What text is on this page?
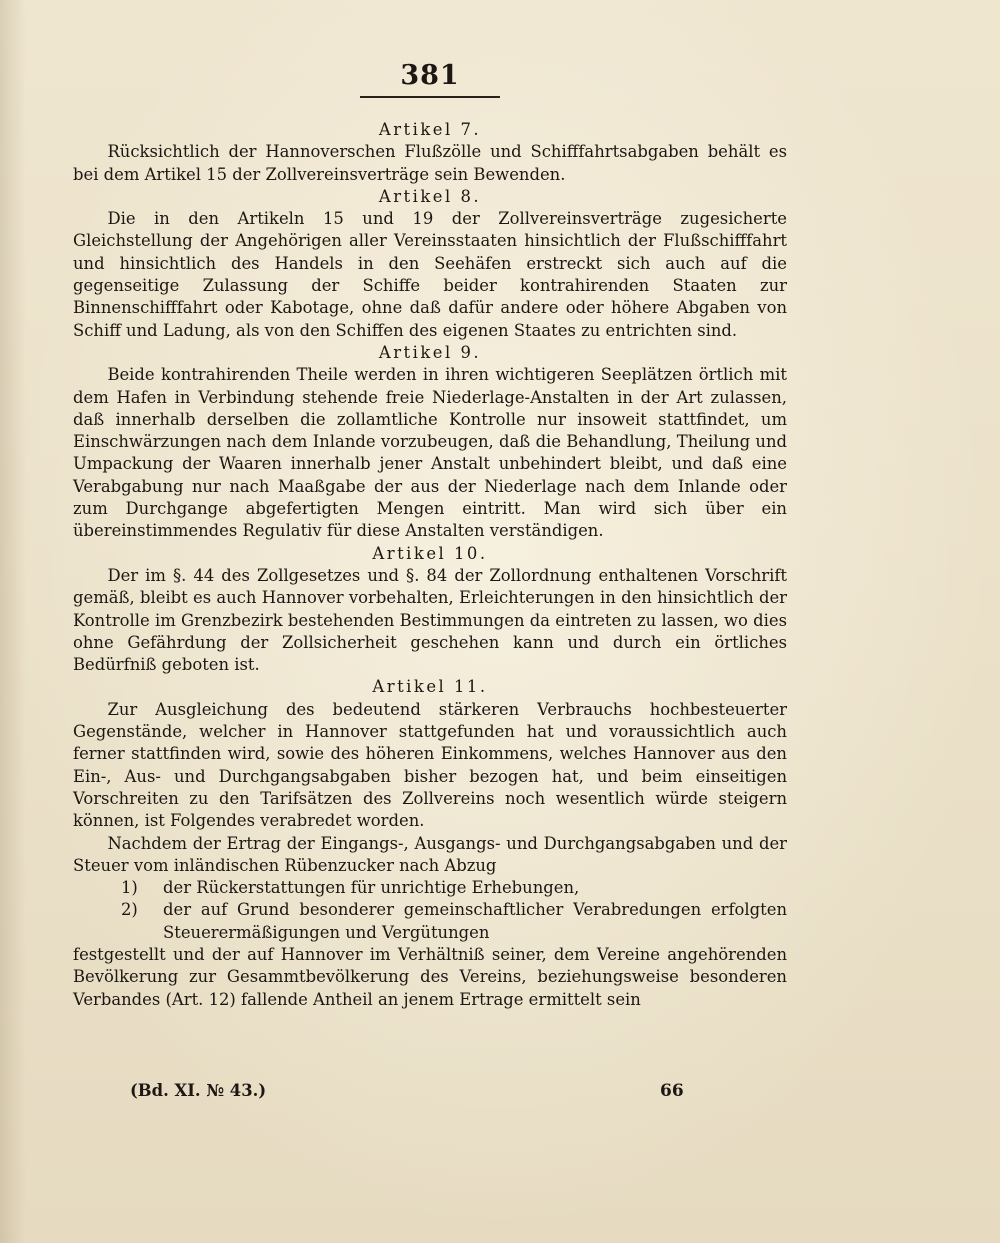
381
Artikel 7.

Rücksichtlich der Hannoverschen Flußzölle und Schifffahrtsabgaben behält es bei dem Artikel 15 der Zollvereinsverträge sein Bewenden.

Artikel 8.

Die in den Artikeln 15 und 19 der Zollvereinsverträge zugesicherte Gleichstellung der Angehörigen aller Vereinsstaaten hinsichtlich der Flußschifffahrt und hinsichtlich des Handels in den Seehäfen erstreckt sich auch auf die gegenseitige Zulassung der Schiffe beider kontrahirenden Staaten zur Binnenschifffahrt oder Kabotage, ohne daß dafür andere oder höhere Abgaben von Schiff und Ladung, als von den Schiffen des eigenen Staates zu entrichten sind.

Artikel 9.

Beide kontrahirenden Theile werden in ihren wichtigeren Seeplätzen örtlich mit dem Hafen in Verbindung stehende freie Niederlage-Anstalten in der Art zulassen, daß innerhalb derselben die zollamtliche Kontrolle nur insoweit stattfindet, um Einschwärzungen nach dem Inlande vorzubeugen, daß die Behandlung, Theilung und Umpackung der Waaren innerhalb jener Anstalt unbehindert bleibt, und daß eine Verabgabung nur nach Maaßgabe der aus der Niederlage nach dem Inlande oder zum Durchgange abgefertigten Mengen eintritt. Man wird sich über ein übereinstimmendes Regulativ für diese Anstalten verständigen.

Artikel 10.

Der im §. 44 des Zollgesetzes und §. 84 der Zollordnung enthaltenen Vorschrift gemäß, bleibt es auch Hannover vorbehalten, Erleichterungen in den hinsichtlich der Kontrolle im Grenzbezirk bestehenden Bestimmungen da eintreten zu lassen, wo dies ohne Gefährdung der Zollsicherheit geschehen kann und durch ein örtliches Bedürfniß geboten ist.

Artikel 11.

Zur Ausgleichung des bedeutend stärkeren Verbrauchs hochbesteuerter Gegenstände, welcher in Hannover stattgefunden hat und voraussichtlich auch ferner stattfinden wird, sowie des höheren Einkommens, welches Hannover aus den Ein-, Aus- und Durchgangsabgaben bisher bezogen hat, und beim einseitigen Vorschreiten zu den Tarifsätzen des Zollvereins noch wesentlich würde steigern können, ist Folgendes verabredet worden.

Nachdem der Ertrag der Eingangs-, Ausgangs- und Durchgangsabgaben und der Steuer vom inländischen Rübenzucker nach Abzug

1)	der Rückerstattungen für unrichtige Erhebungen,
2)	der auf Grund besonderer gemeinschaftlicher Verabredungen erfolgten Steuerermäßigungen und Vergütungen

festgestellt und der auf Hannover im Verhältniß seiner, dem Vereine angehörenden Bevölkerung zur Gesammtbevölkerung des Vereins, beziehungsweise besonderen Verbandes (Art. 12) fallende Antheil an jenem Ertrage ermittelt sein

(Bd. XI. № 43.)	66
